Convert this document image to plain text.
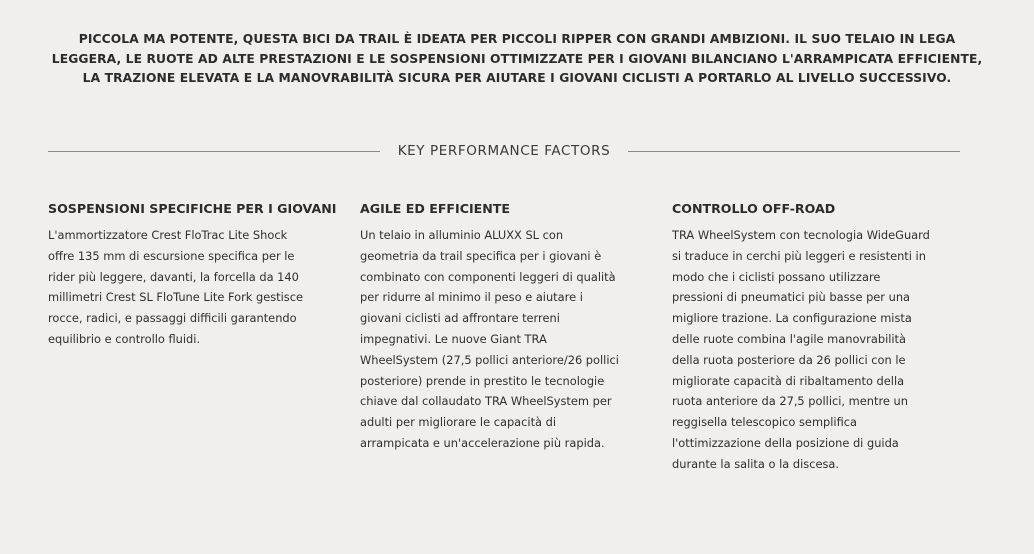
PICCOLA MA POTENTE, QUESTA BICI DA TRAIL È IDEATA PER PICCOLI RIPPER CON GRANDI AMBIZIONI. IL SUO TELAIO IN LEGA
LEGGERA, LE RUOTE AD ALTE PRESTAZIONI E LE SOSPENSIONI OTTIMIZZATE PER I GIOVANI BILANCIANO L'ARRAMPICATA EFFICIENTE,
LA TRAZIONE ELEVATA E LA MANOVRABILITÀ SICURA PER AIUTARE I GIOVANI CICLISTI A PORTARLO AL LIVELLO SUCCESSIVO.

KEY PERFORMANCE FACTORS
SOSPENSIONI SPECIFICHE PER I GIOVANI

L'ammortizzatore Crest FloTrac Lite Shock
offre 135 mm di escursione specifica per le
rider più leggere, davanti, la forcella da 140
millimetri Crest SL FloTune Lite Fork gestisce
rocce, radici, e passaggi difficili garantendo
equilibrio e controllo fluidi.

AGILE ED EFFICIENTE

Un telaio in alluminio ALUXX SL con
geometria da trail specifica per i giovani è
combinato con componenti leggeri di qualità
per ridurre al minimo il peso e aiutare i
giovani ciclisti ad affrontare terreni
impegnativi. Le nuove Giant TRA
WheelSystem (27,5 pollici anteriore/26 pollici
posteriore) prende in prestito le tecnologie
chiave dal collaudato TRA WheelSystem per
adulti per migliorare le capacità di
arrampicata e un'accelerazione più rapida.

CONTROLLO OFF-ROAD

TRA WheelSystem con tecnologia WideGuard
si traduce in cerchi più leggeri e resistenti in
modo che i ciclisti possano utilizzare
pressioni di pneumatici più basse per una
migliore trazione. La configurazione mista
delle ruote combina l'agile manovrabilità
della ruota posteriore da 26 pollici con le
migliorate capacità di ribaltamento della
ruota anteriore da 27,5 pollici, mentre un
reggisella telescopico semplifica
l'ottimizzazione della posizione di guida
durante la salita o la discesa.
